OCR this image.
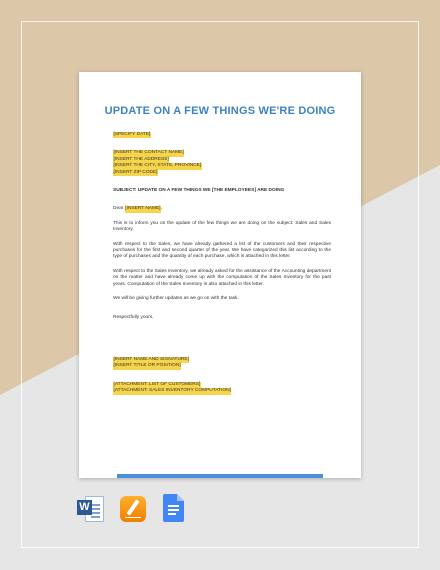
UPDATE ON A FEW THINGS WE'RE DOING
[SPECIFY DATE]
[INSERT THE CONTACT NAME]
[INSERT THE ADDRESS]
[INSERT THE CITY, STATE, PROVINCE]
[INSERT ZIP CODE]
SUBJECT: UPDATE ON A FEW THINGS WE [THE EMPLOYEES] ARE DOING
Dear [INSERT NAME],
This is to inform you on the update of the few things we are doing on the subject: Sales and Sales Inventory.
With respect to the Sales, we have already gathered a list of the customers and their respective purchases for the first and second quarter of the year. We have categorized this list according to the type of purchases and the quantity of each purchase, which is attached in this letter.
With respect to the Sales Inventory, we already asked for the assistance of the Accounting department on the matter and have already come up with the computation of the Sales Inventory for the past years. Computation of the Sales Inventory is also attached in this letter.
We will be giving further updates as we go on with the task.
Respectfully yours,
[INSERT NAME AND SIGNATURE]
[INSERT TITLE OR POSITION]
[ATTACHMENT: LIST OF CUSTOMERS]
[ATTACHMENT: SALES INVENTORY COMPUTATION]
W
